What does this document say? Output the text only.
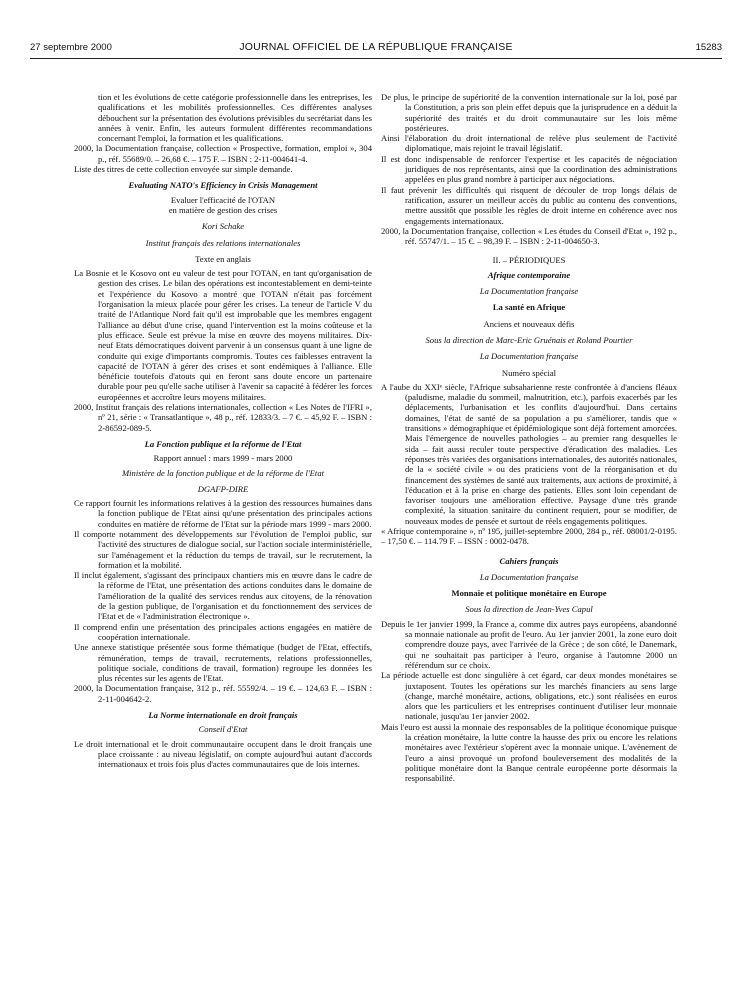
27 septembre 2000	JOURNAL OFFICIEL DE LA RÉPUBLIQUE FRANÇAISE	15283

tion et les évolutions de cette catégorie professionnelle dans les entreprises, les qualifications et les mobilités professionnelles. Ces différentes analyses débouchent sur la présentation des évolutions prévisibles du secrétariat dans les années à venir. Enfin, les auteurs formulent différentes recommandations concernant l'emploi, la formation et les qualifications.

2000, la Documentation française, collection « Prospective, formation, emploi », 304 p., réf. 55689/0. – 26,68 €. – 175 F. – ISBN : 2-11-004641-4.

Liste des titres de cette collection envoyée sur simple demande.

Evaluating NATO's Efficiency in Crisis Management

Evaluer l'efficacité de l'OTAN

en matière de gestion des crises

Kori Schake

Institut français des relations internationales

Texte en anglais

La Bosnie et le Kosovo ont eu valeur de test pour l'OTAN, en tant qu'organisation de gestion des crises. Le bilan des opérations est incontestablement en demi-teinte et l'expérience du Kosovo a montré que l'OTAN n'était pas forcément l'organisation la mieux placée pour gérer les crises. La teneur de l'article V du traité de l'Atlantique Nord fait qu'il est improbable que les membres engagent l'alliance au début d'une crise, quand l'intervention est la moins coûteuse et la plus efficace. Seule est prévue la mise en œuvre des moyens militaires. Dix-neuf Etats démocratiques doivent parvenir à un consensus quant à une ligne de conduite qui exige d'importants compromis. Toutes ces faiblesses entravent la capacité de l'OTAN à gérer des crises et sont endémiques à l'alliance. Elle bénéficie toutefois d'atouts qui en feront sans doute encore un partenaire durable pour peu qu'elle sache utiliser à l'avenir sa capacité à fédérer les forces européennes et accroître leurs moyens militaires.

2000, Institut français des relations internationales, collection « Les Notes de l'IFRI », nº 21, série : « Transatlantique », 48 p., réf. 12833/3. – 7 €. – 45,92 F. – ISBN : 2-86592-089-5.

La Fonction publique et la réforme de l'Etat

Rapport annuel : mars 1999 - mars 2000

Ministère de la fonction publique et de la réforme de l'Etat

DGAFP-DIRE

Ce rapport fournit les informations relatives à la gestion des ressources humaines dans la fonction publique de l'Etat ainsi qu'une présentation des principales actions conduites en matière de réforme de l'Etat sur la période mars 1999 - mars 2000.

Il comporte notamment des développements sur l'évolution de l'emploi public, sur l'activité des structures de dialogue social, sur l'action sociale interministérielle, sur l'aménagement et la réduction du temps de travail, sur le recrutement, la formation et la mobilité.

Il inclut également, s'agissant des principaux chantiers mis en œuvre dans le cadre de la réforme de l'Etat, une présentation des actions conduites dans le domaine de l'amélioration de la qualité des services rendus aux citoyens, de la rénovation de la gestion publique, de l'organisation et du fonctionnement des services de l'Etat et de « l'administration électronique ».

Il comprend enfin une présentation des principales actions engagées en matière de coopération internationale.

Une annexe statistique présentée sous forme thématique (budget de l'Etat, effectifs, rémunération, temps de travail, recrutements, relations professionnelles, politique sociale, conditions de travail, formation) regroupe les données les plus récentes sur les agents de l'Etat.

2000, la Documentation française, 312 p., réf. 55592/4. – 19 €. – 124,63 F. – ISBN : 2-11-004642-2.

La Norme internationale en droit français

Conseil d'Etat

Le droit international et le droit communautaire occupent dans le droit français une place croissante : au niveau législatif, on compte aujourd'hui autant d'accords internationaux et trois fois plus d'actes communautaires que de lois internes.

De plus, le principe de supériorité de la convention internationale sur la loi, posé par la Constitution, a pris son plein effet depuis que la jurisprudence en a déduit la supériorité des traités et du droit communautaire sur les lois même postérieures.

Ainsi l'élaboration du droit international de relève plus seulement de l'activité diplomatique, mais rejoint le travail législatif.

Il est donc indispensable de renforcer l'expertise et les capacités de négociation juridiques de nos représentants, ainsi que la coordination des administrations appelées en plus grand nombre à participer aux négociations.

Il faut prévenir les difficultés qui risquent de découler de trop longs délais de ratification, assurer un meilleur accès du public au contenu des conventions, mettre aussitôt que possible les règles de droit interne en cohérence avec nos engagements internationaux.

2000, la Documentation française, collection « Les études du Conseil d'Etat », 192 p., réf. 55747/1. – 15 €. – 98,39 F. – ISBN : 2-11-004650-3.

II. – PÉRIODIQUES

Afrique contemporaine

La Documentation française

La santé en Afrique

Anciens et nouveaux défis

Sous la direction de Marc-Eric Gruénais et Roland Pourtier

La Documentation française

Numéro spécial

A l'aube du XXIᵉ siècle, l'Afrique subsaharienne reste confrontée à d'anciens fléaux (paludisme, maladie du sommeil, malnutrition, etc.), parfois exacerbés par les déplacements, l'urbanisation et les conflits d'aujourd'hui. Dans certains domaines, l'état de santé de sa population a pu s'améliorer, tandis que « transitions » démographique et épidémiologique sont déjà fortement amorcées. Mais l'émergence de nouvelles pathologies – au premier rang desquelles le sida – fait aussi reculer toute perspective d'éradication des maladies. Les réponses très variées des organisations internationales, des autorités nationales, de la « société civile » ou des praticiens vont de la réorganisation et du financement des systèmes de santé aux traitements, aux actions de proximité, à l'éducation et à la prise en charge des patients. Elles sont loin cependant de favoriser toujours une amélioration effective. Paysage d'une très grande complexité, la situation sanitaire du continent requiert, pour se modifier, de nouveaux modes de pensée et surtout de réels engagements politiques.

« Afrique contemporaine », nº 195, juillet-septembre 2000, 284 p., réf. 08001/2-0195. – 17,50 €. – 114.79 F. – ISSN : 0002-0478.

Cahiers français

La Documentation française

Monnaie et politique monétaire en Europe

Sous la direction de Jean-Yves Capul

Depuis le 1er janvier 1999, la France a, comme dix autres pays européens, abandonné sa monnaie nationale au profit de l'euro. Au 1er janvier 2001, la zone euro doit comprendre douze pays, avec l'arrivée de la Grèce ; de son côté, le Danemark, qui ne souhaitait pas participer à l'euro, organise à l'automne 2000 un référendum sur ce choix.

La période actuelle est donc singulière à cet égard, car deux mondes monétaires se juxtaposent. Toutes les opérations sur les marchés financiers au sens large (change, marché monétaire, actions, obligations, etc.) sont réalisées en euros alors que les particuliers et les entreprises continuent d'utiliser leur monnaie nationale, jusqu'au 1er janvier 2002.

Mais l'euro est aussi la monnaie des responsables de la politique économique puisque la création monétaire, la lutte contre la hausse des prix ou encore les relations monétaires avec l'extérieur s'opèrent avec la monnaie unique. L'avènement de l'euro a ainsi provoqué un profond bouleversement des modalités de la politique monétaire dont la Banque centrale européenne porte désormais la responsabilité.
